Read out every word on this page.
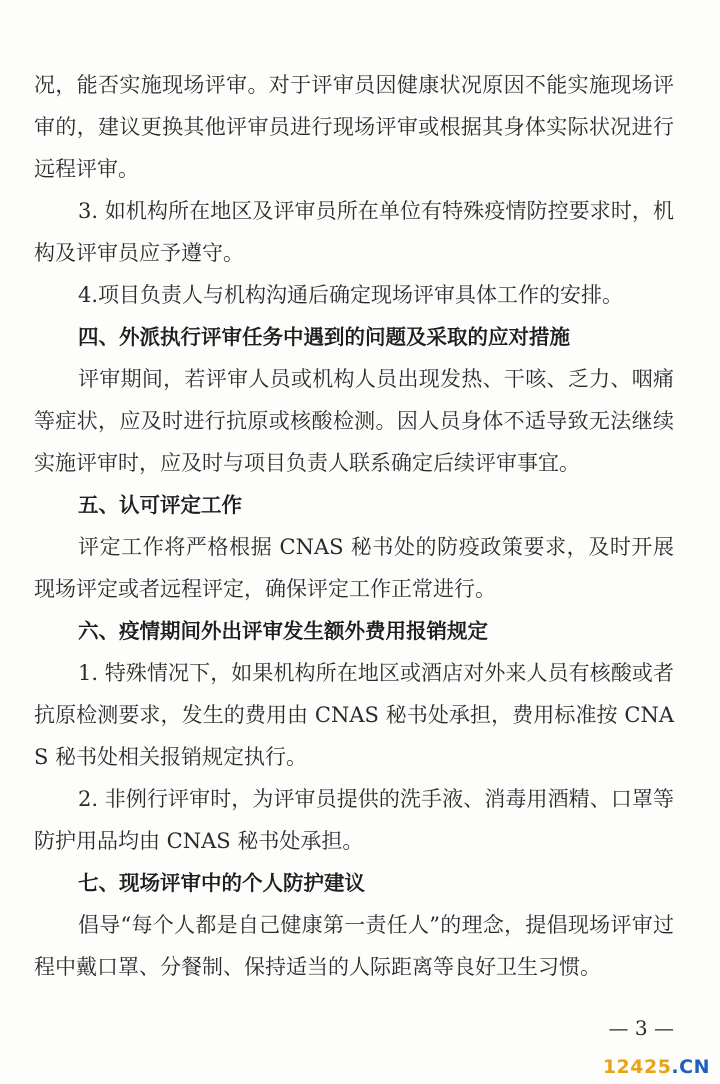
况，能否实施现场评审。对于评审员因健康状况原因不能实施现场评审的，建议更换其他评审员进行现场评审或根据其身体实际状况进行远程评审。

3. 如机构所在地区及评审员所在单位有特殊疫情防控要求时，机构及评审员应予遵守。

4.项目负责人与机构沟通后确定现场评审具体工作的安排。

四、外派执行评审任务中遇到的问题及采取的应对措施

评审期间，若评审人员或机构人员出现发热、干咳、乏力、咽痛等症状，应及时进行抗原或核酸检测。因人员身体不适导致无法继续实施评审时，应及时与项目负责人联系确定后续评审事宜。

五、认可评定工作

评定工作将严格根据 CNAS 秘书处的防疫政策要求，及时开展现场评定或者远程评定，确保评定工作正常进行。

六、疫情期间外出评审发生额外费用报销规定

1. 特殊情况下，如果机构所在地区或酒店对外来人员有核酸或者抗原检测要求，发生的费用由 CNAS 秘书处承担，费用标准按 CNAS 秘书处相关报销规定执行。

2. 非例行评审时，为评审员提供的洗手液、消毒用酒精、口罩等防护用品均由 CNAS 秘书处承担。

七、现场评审中的个人防护建议

倡导“每个人都是自己健康第一责任人”的理念，提倡现场评审过程中戴口罩、分餐制、保持适当的人际距离等良好卫生习惯。

— 3 —

12425.CN
